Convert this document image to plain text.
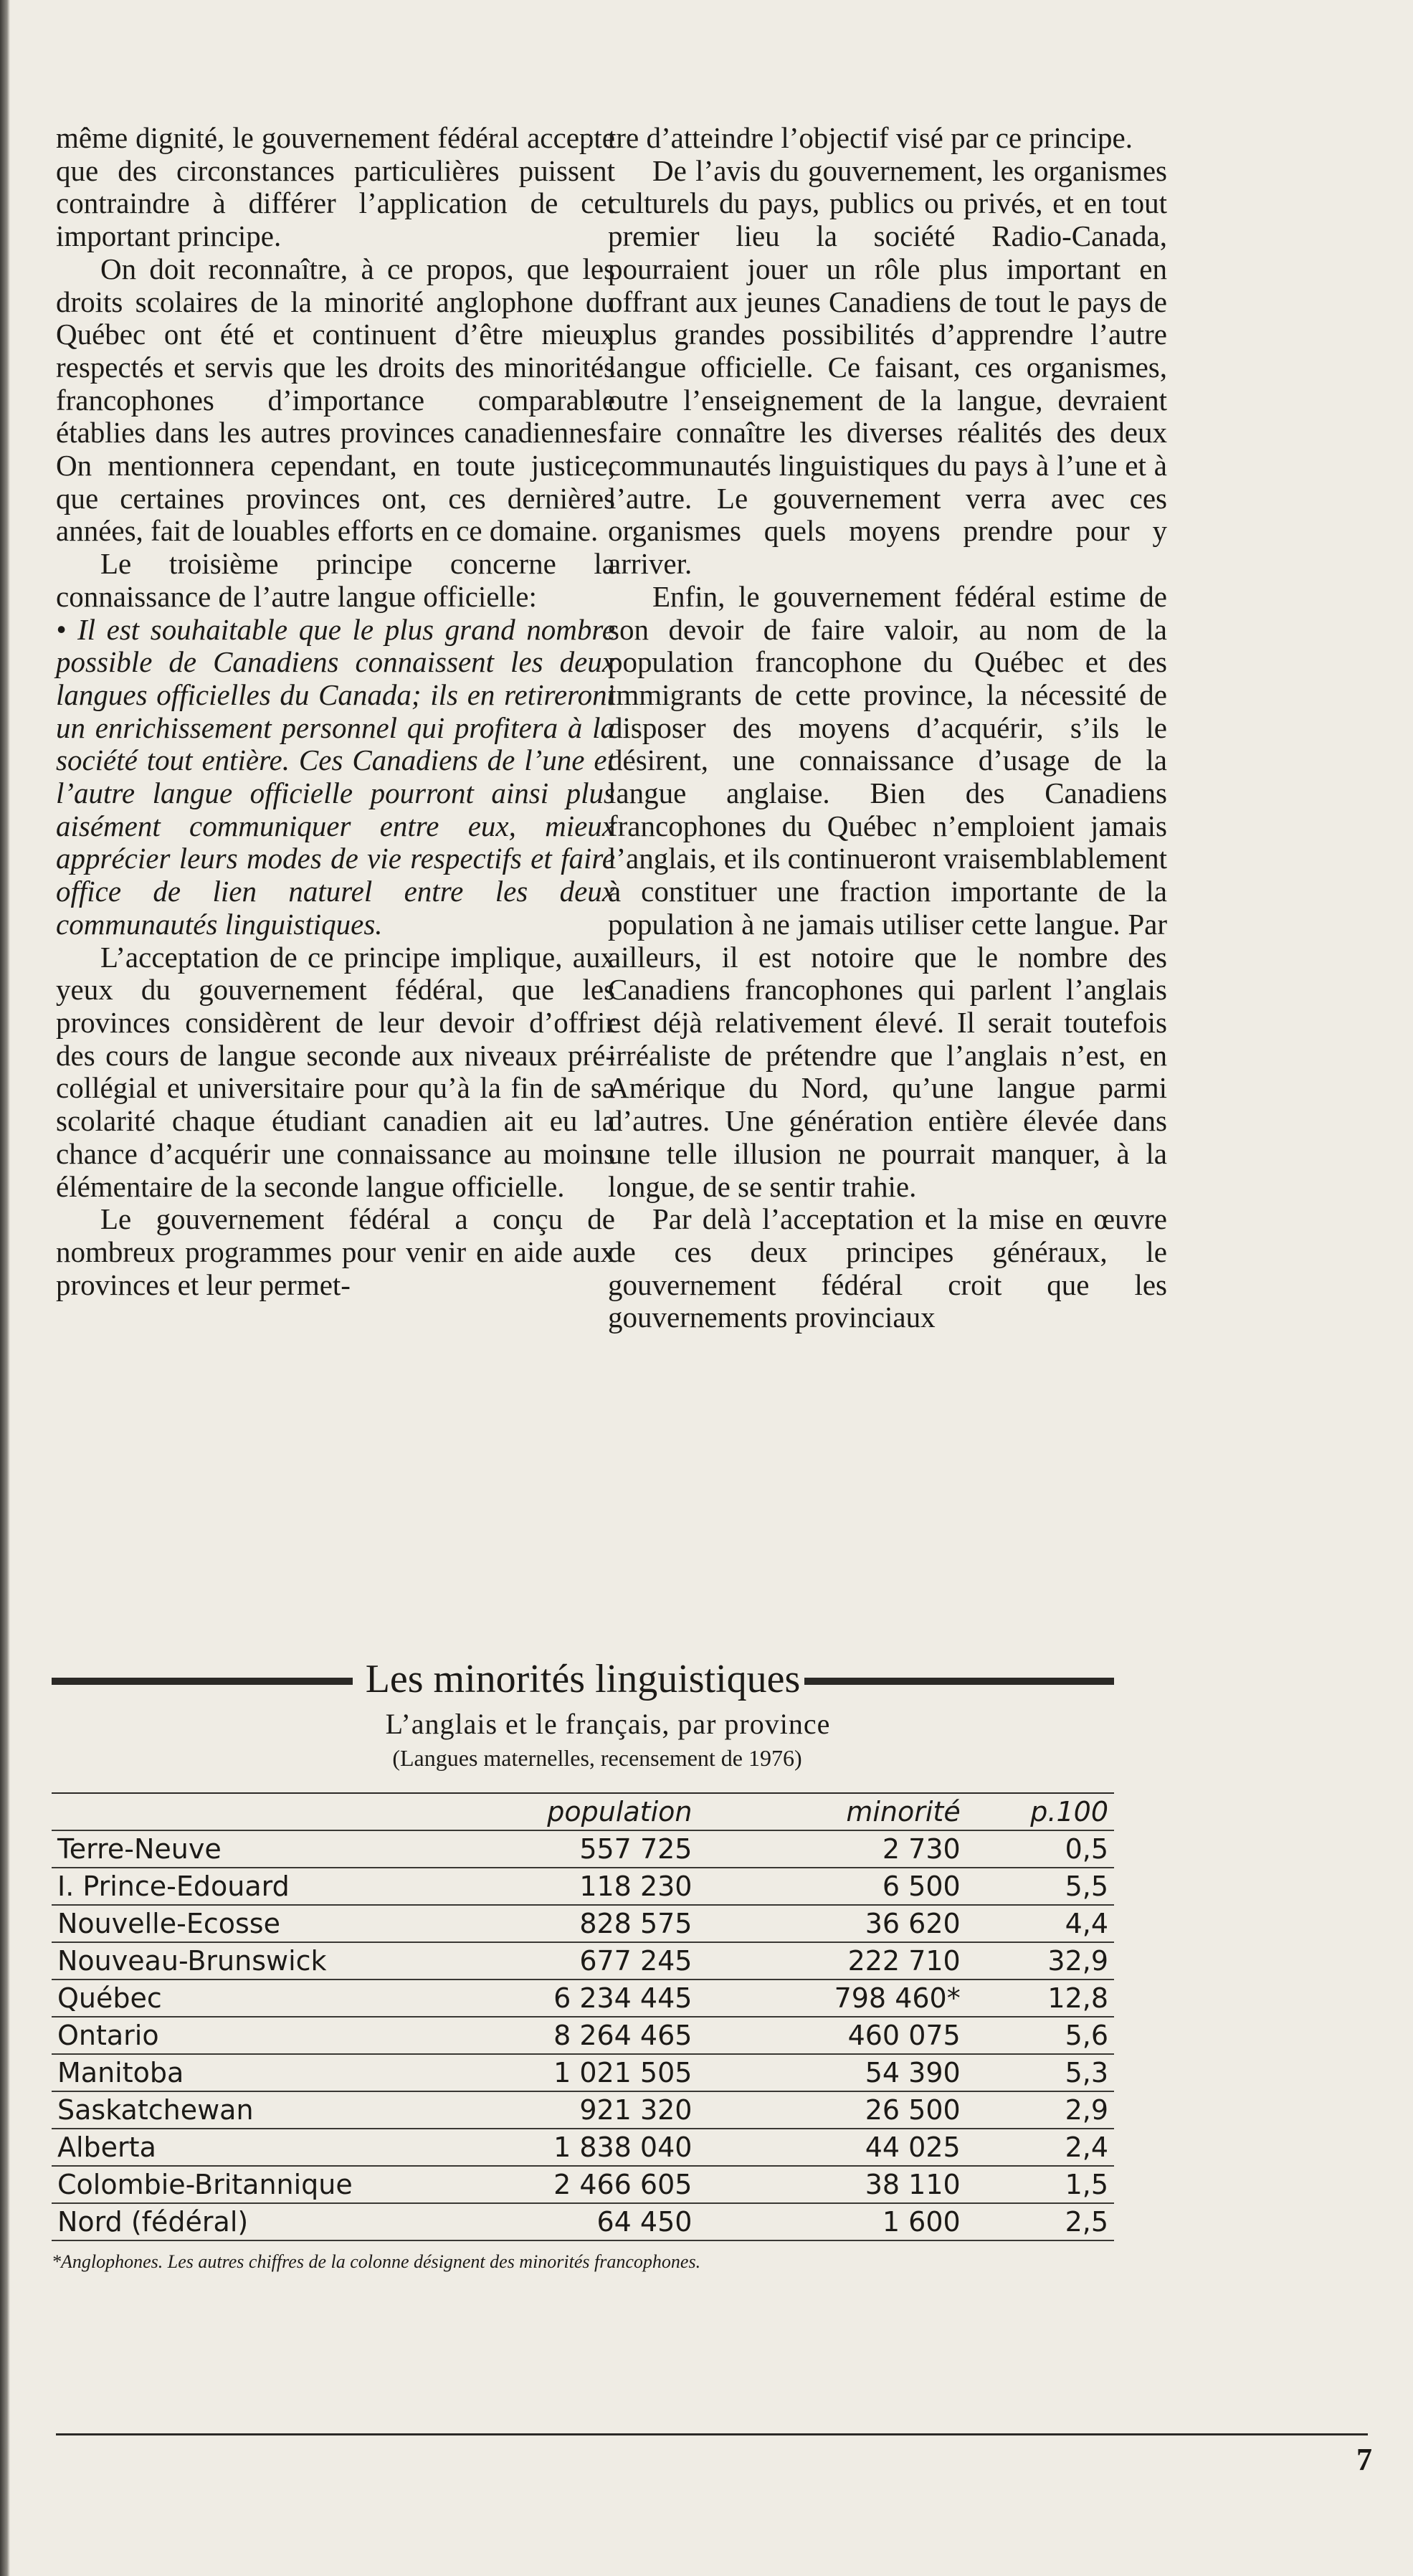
même dignité, le gouvernement fédéral accepte que des circonstances particulières puissent contraindre à différer l’application de cet important principe.

On doit reconnaître, à ce propos, que les droits scolaires de la minorité anglophone du Québec ont été et continuent d’être mieux respectés et servis que les droits des minorités francophones d’importance comparable établies dans les autres provinces canadiennes. On mentionnera cependant, en toute justice, que certaines provinces ont, ces dernières années, fait de louables efforts en ce domaine.

Le troisième principe concerne la connaissance de l’autre langue officielle:

• Il est souhaitable que le plus grand nombre possible de Canadiens connaissent les deux langues officielles du Canada; ils en retireront un enrichissement personnel qui profitera à la société tout entière. Ces Canadiens de l’une et l’autre langue officielle pourront ainsi plus aisément communiquer entre eux, mieux apprécier leurs modes de vie respectifs et faire office de lien naturel entre les deux communautés linguistiques.

L’acceptation de ce principe implique, aux yeux du gouvernement fédéral, que les provinces considèrent de leur devoir d’offrir des cours de langue seconde aux niveaux pré-collégial et universitaire pour qu’à la fin de sa scolarité chaque étudiant canadien ait eu la chance d’acquérir une connaissance au moins élémentaire de la seconde langue officielle.

Le gouvernement fédéral a conçu de nombreux programmes pour venir en aide aux provinces et leur permet-

tre d’atteindre l’objectif visé par ce principe.

De l’avis du gouvernement, les organismes culturels du pays, publics ou privés, et en tout premier lieu la société Radio-Canada, pourraient jouer un rôle plus important en offrant aux jeunes Canadiens de tout le pays de plus grandes possibilités d’apprendre l’autre langue officielle. Ce faisant, ces organismes, outre l’enseignement de la langue, devraient faire connaître les diverses réalités des deux communautés linguistiques du pays à l’une et à l’autre. Le gouvernement verra avec ces organismes quels moyens prendre pour y arriver.

Enfin, le gouvernement fédéral estime de son devoir de faire valoir, au nom de la population francophone du Québec et des immigrants de cette province, la nécessité de disposer des moyens d’acquérir, s’ils le désirent, une connaissance d’usage de la langue anglaise. Bien des Canadiens francophones du Québec n’emploient jamais l’anglais, et ils continueront vraisemblablement à constituer une fraction importante de la population à ne jamais utiliser cette langue. Par ailleurs, il est notoire que le nombre des Canadiens francophones qui parlent l’anglais est déjà relativement élevé. Il serait toutefois irréaliste de prétendre que l’anglais n’est, en Amérique du Nord, qu’une langue parmi d’autres. Une génération entière élevée dans une telle illusion ne pourrait manquer, à la longue, de se sentir trahie.

Par delà l’acceptation et la mise en œuvre de ces deux principes généraux, le gouvernement fédéral croit que les gouvernements provinciaux

Les minorités linguistiques
L’anglais et le français, par province
(Langues maternelles, recensement de 1976)
	population	minorité	p.100
Terre-Neuve	557 725	2 730	0,5
I. Prince-Edouard	118 230	6 500	5,5
Nouvelle-Ecosse	828 575	36 620	4,4
Nouveau-Brunswick	677 245	222 710	32,9
Québec	6 234 445	798 460*	12,8
Ontario	8 264 465	460 075	5,6
Manitoba	1 021 505	54 390	5,3
Saskatchewan	921 320	26 500	2,9
Alberta	1 838 040	44 025	2,4
Colombie-Britannique	2 466 605	38 110	1,5
Nord (fédéral)	64 450	1 600	2,5
*Anglophones. Les autres chiffres de la colonne désignent des minorités francophones.
7
